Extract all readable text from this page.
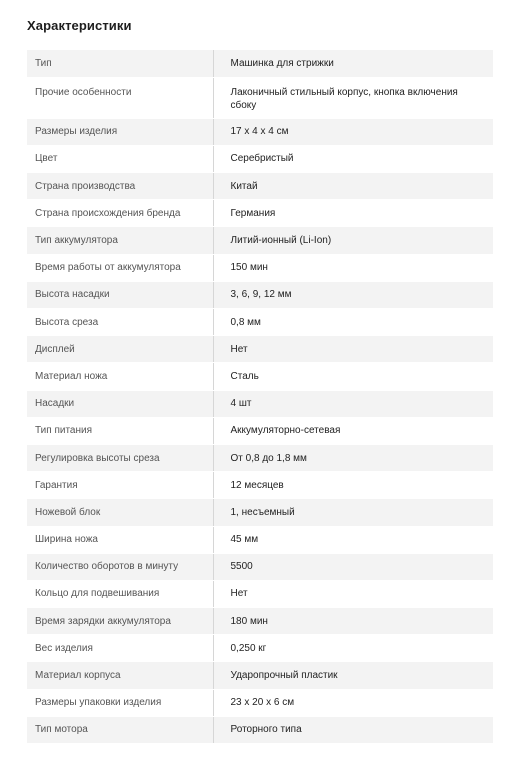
Характеристики
Тип	Машинка для стрижки
Прочие особенности	Лаконичный стильный корпус, кнопка включения сбоку
Размеры изделия	17 x 4 x 4 см
Цвет	Серебристый
Страна производства	Китай
Страна происхождения бренда	Германия
Тип аккумулятора	Литий-ионный (Li-Ion)
Время работы от аккумулятора	150 мин
Высота насадки	3, 6, 9, 12 мм
Высота среза	0,8 мм
Дисплей	Нет
Материал ножа	Сталь
Насадки	4 шт
Тип питания	Аккумуляторно-сетевая
Регулировка высоты среза	От 0,8 до 1,8 мм
Гарантия	12 месяцев
Ножевой блок	1, несъемный
Ширина ножа	45 мм
Количество оборотов в минуту	5500
Кольцо для подвешивания	Нет
Время зарядки аккумулятора	180 мин
Вес изделия	0,250 кг
Материал корпуса	Ударопрочный пластик
Размеры упаковки изделия	23 x 20 x 6 см
Тип мотора	Роторного типа
